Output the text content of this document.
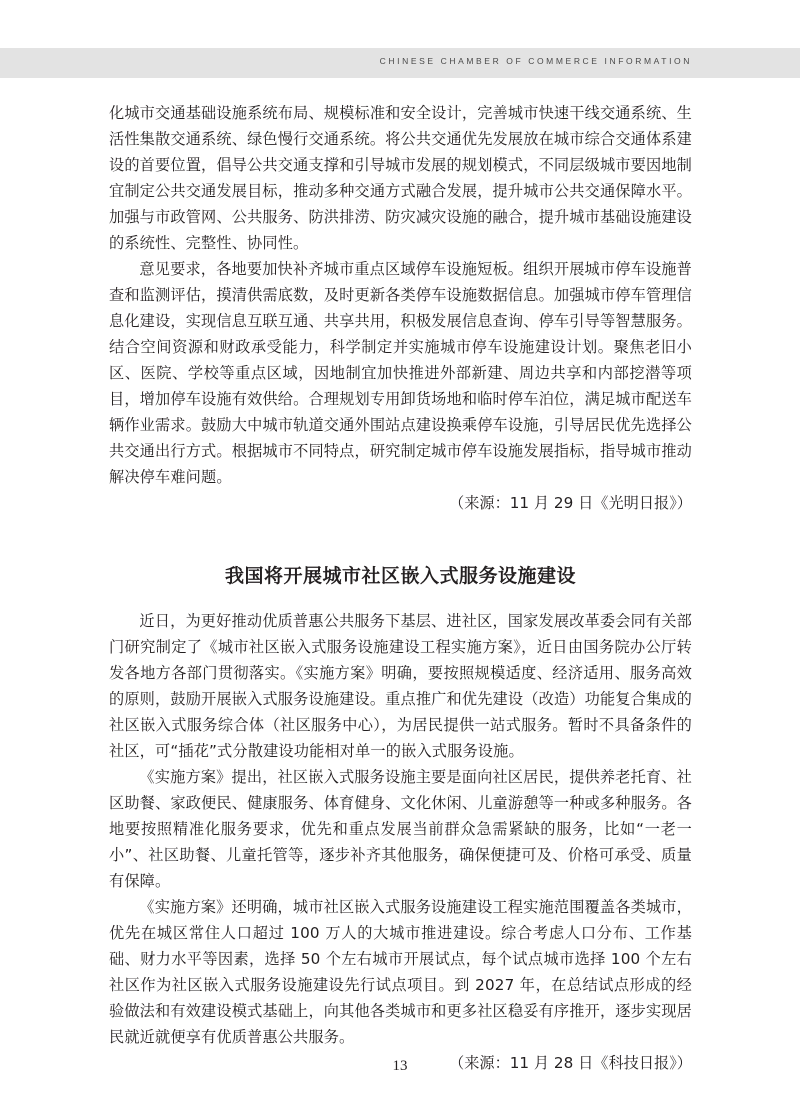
CHINESE CHAMBER OF COMMERCE INFORMATION

化城市交通基础设施系统布局、规模标准和安全设计，完善城市快速干线交通系统、生活性集散交通系统、绿色慢行交通系统。将公共交通优先发展放在城市综合交通体系建设的首要位置，倡导公共交通支撑和引导城市发展的规划模式，不同层级城市要因地制宜制定公共交通发展目标，推动多种交通方式融合发展，提升城市公共交通保障水平。加强与市政管网、公共服务、防洪排涝、防灾减灾设施的融合，提升城市基础设施建设的系统性、完整性、协同性。

意见要求，各地要加快补齐城市重点区域停车设施短板。组织开展城市停车设施普查和监测评估，摸清供需底数，及时更新各类停车设施数据信息。加强城市停车管理信息化建设，实现信息互联互通、共享共用，积极发展信息查询、停车引导等智慧服务。结合空间资源和财政承受能力，科学制定并实施城市停车设施建设计划。聚焦老旧小区、医院、学校等重点区域，因地制宜加快推进外部新建、周边共享和内部挖潜等项目，增加停车设施有效供给。合理规划专用卸货场地和临时停车泊位，满足城市配送车辆作业需求。鼓励大中城市轨道交通外围站点建设换乘停车设施，引导居民优先选择公共交通出行方式。根据城市不同特点，研究制定城市停车设施发展指标，指导城市推动解决停车难问题。

（来源：11 月 29 日《光明日报》）

我国将开展城市社区嵌入式服务设施建设

近日，为更好推动优质普惠公共服务下基层、进社区，国家发展改革委会同有关部门研究制定了《城市社区嵌入式服务设施建设工程实施方案》，近日由国务院办公厅转发各地方各部门贯彻落实。《实施方案》明确，要按照规模适度、经济适用、服务高效的原则，鼓励开展嵌入式服务设施建设。重点推广和优先建设（改造）功能复合集成的社区嵌入式服务综合体（社区服务中心），为居民提供一站式服务。暂时不具备条件的社区，可“插花”式分散建设功能相对单一的嵌入式服务设施。

《实施方案》提出，社区嵌入式服务设施主要是面向社区居民，提供养老托育、社区助餐、家政便民、健康服务、体育健身、文化休闲、儿童游憩等一种或多种服务。各地要按照精准化服务要求，优先和重点发展当前群众急需紧缺的服务，比如“一老一小”、社区助餐、儿童托管等，逐步补齐其他服务，确保便捷可及、价格可承受、质量有保障。

《实施方案》还明确，城市社区嵌入式服务设施建设工程实施范围覆盖各类城市，优先在城区常住人口超过 100 万人的大城市推进建设。综合考虑人口分布、工作基础、财力水平等因素，选择 50 个左右城市开展试点，每个试点城市选择 100 个左右社区作为社区嵌入式服务设施建设先行试点项目。到 2027 年，在总结试点形成的经验做法和有效建设模式基础上，向其他各类城市和更多社区稳妥有序推开，逐步实现居民就近就便享有优质普惠公共服务。

（来源：11 月 28 日《科技日报》）

13
